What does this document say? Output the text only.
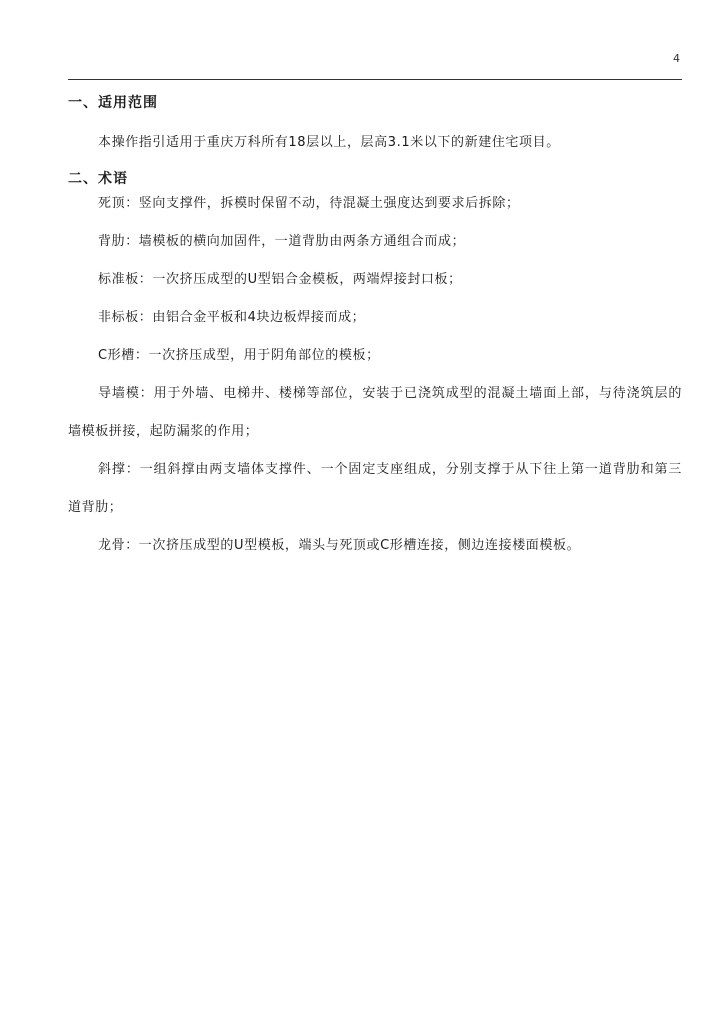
4
一、适用范围
本操作指引适用于重庆万科所有18层以上，层高3.1米以下的新建住宅项目。
二、术语

死顶：竖向支撑件，拆模时保留不动，待混凝土强度达到要求后拆除；

背肋：墙模板的横向加固件，一道背肋由两条方通组合而成；

标准板：一次挤压成型的U型铝合金模板，两端焊接封口板；

非标板：由铝合金平板和4块边板焊接而成；

C形槽：一次挤压成型，用于阴角部位的模板；

导墙模：用于外墙、电梯井、楼梯等部位，安装于已浇筑成型的混凝土墙面上部，与待浇筑层的墙模板拼接，起防漏浆的作用；

斜撑：一组斜撑由两支墙体支撑件、一个固定支座组成，分别支撑于从下往上第一道背肋和第三道背肋；

龙骨：一次挤压成型的U型模板，端头与死顶或C形槽连接，侧边连接楼面模板。
